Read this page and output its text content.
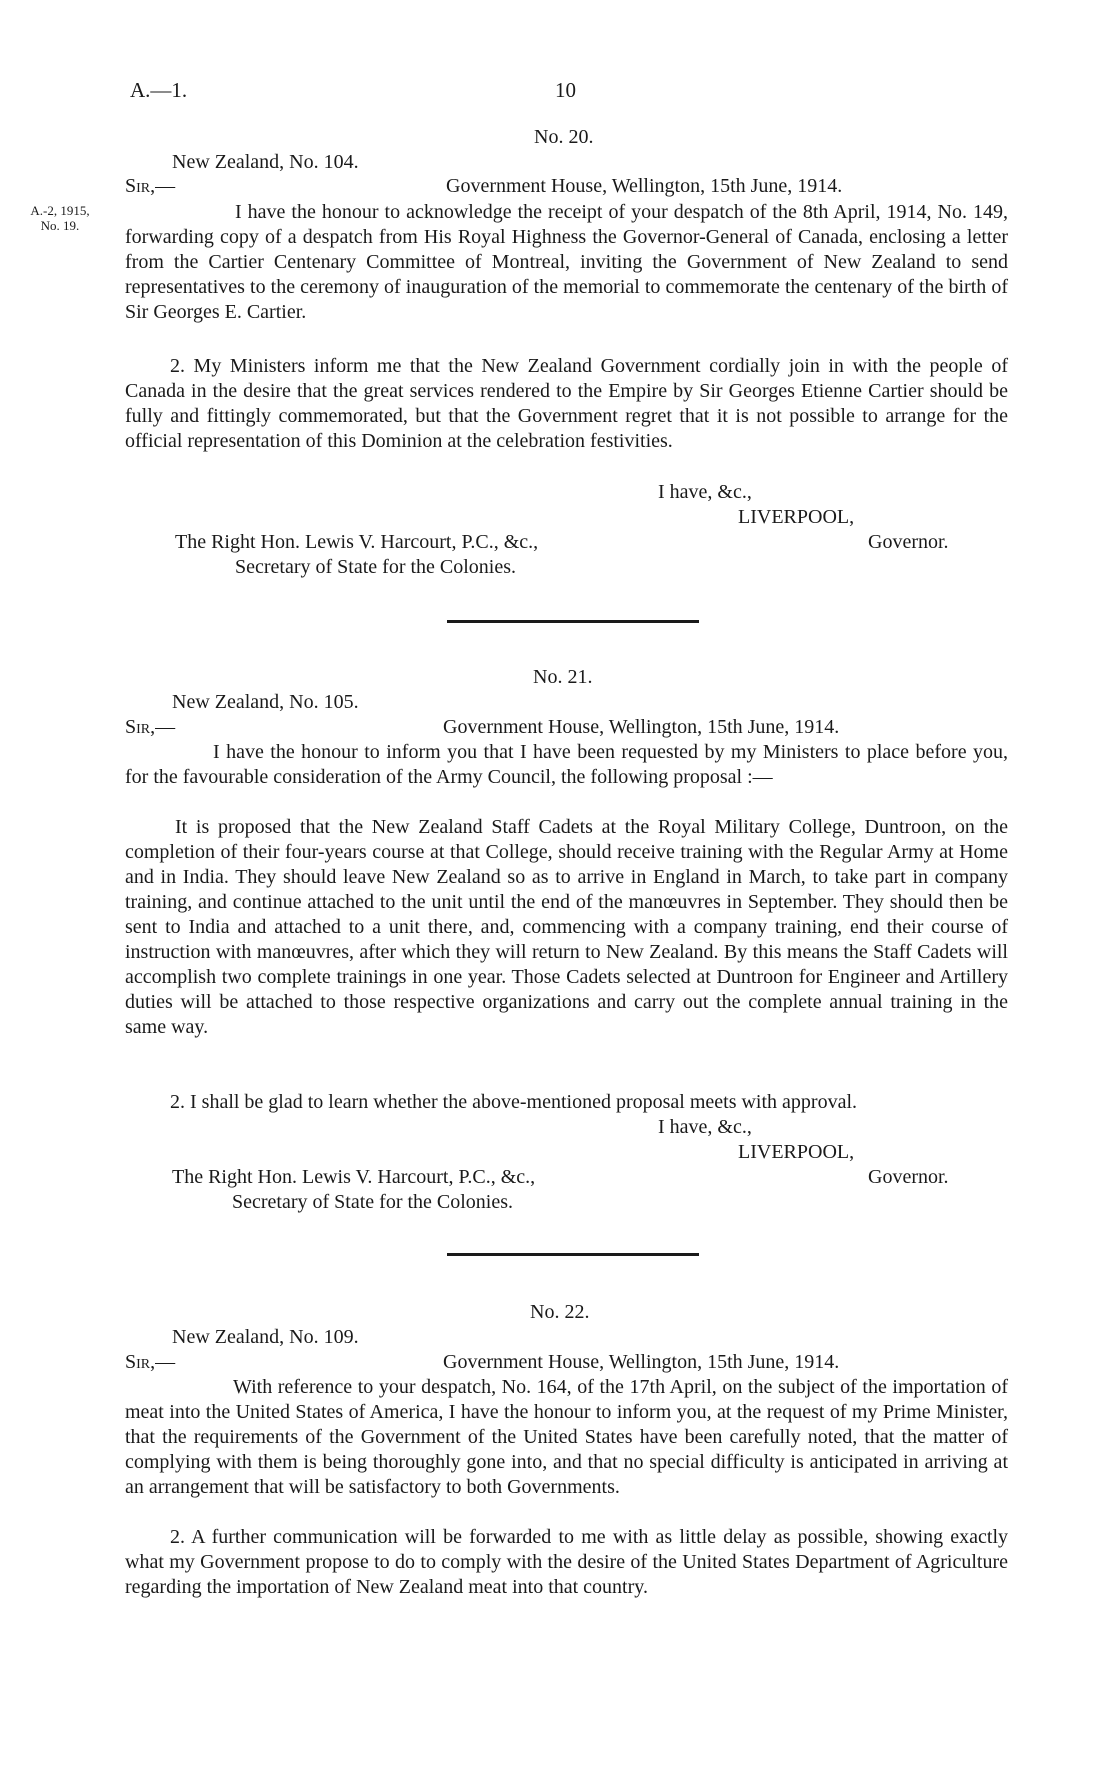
A.—1.	10
No. 20.
New Zealand, No. 104.
Sir,—	Government House, Wellington, 15th June, 1914.
A.-2, 1915,
No. 19.
I have the honour to acknowledge the receipt of your despatch of the 8th April, 1914, No. 149, forwarding copy of a despatch from His Royal Highness the Governor-General of Canada, enclosing a letter from the Cartier Centenary Committee of Montreal, inviting the Government of New Zealand to send representatives to the ceremony of inauguration of the memorial to commemorate the centenary of the birth of Sir Georges E. Cartier.
2. My Ministers inform me that the New Zealand Government cordially join in with the people of Canada in the desire that the great services rendered to the Empire by Sir Georges Etienne Cartier should be fully and fittingly commemorated, but that the Government regret that it is not possible to arrange for the official representation of this Dominion at the celebration festivities.
I have, &c.,
LIVERPOOL,
The Right Hon. Lewis V. Harcourt, P.C., &c.,	Governor.
Secretary of State for the Colonies.
No. 21.
New Zealand, No. 105.
Sir,—	Government House, Wellington, 15th June, 1914.
I have the honour to inform you that I have been requested by my Ministers to place before you, for the favourable consideration of the Army Council, the following proposal :—
It is proposed that the New Zealand Staff Cadets at the Royal Military College, Duntroon, on the completion of their four-years course at that College, should receive training with the Regular Army at Home and in India. They should leave New Zealand so as to arrive in England in March, to take part in company training, and continue attached to the unit until the end of the manœuvres in September. They should then be sent to India and attached to a unit there, and, commencing with a company training, end their course of instruction with manœuvres, after which they will return to New Zealand. By this means the Staff Cadets will accomplish two complete trainings in one year. Those Cadets selected at Duntroon for Engineer and Artillery duties will be attached to those respective organizations and carry out the complete annual training in the same way.
2. I shall be glad to learn whether the above-mentioned proposal meets with approval.
I have, &c.,
LIVERPOOL,
The Right Hon. Lewis V. Harcourt, P.C., &c.,	Governor.
Secretary of State for the Colonies.
No. 22.
New Zealand, No. 109.
Sir,—	Government House, Wellington, 15th June, 1914.
With reference to your despatch, No. 164, of the 17th April, on the subject of the importation of meat into the United States of America, I have the honour to inform you, at the request of my Prime Minister, that the requirements of the Government of the United States have been carefully noted, that the matter of complying with them is being thoroughly gone into, and that no special difficulty is anticipated in arriving at an arrangement that will be satisfactory to both Governments.
2. A further communication will be forwarded to me with as little delay as possible, showing exactly what my Government propose to do to comply with the desire of the United States Department of Agriculture regarding the importation of New Zealand meat into that country.
